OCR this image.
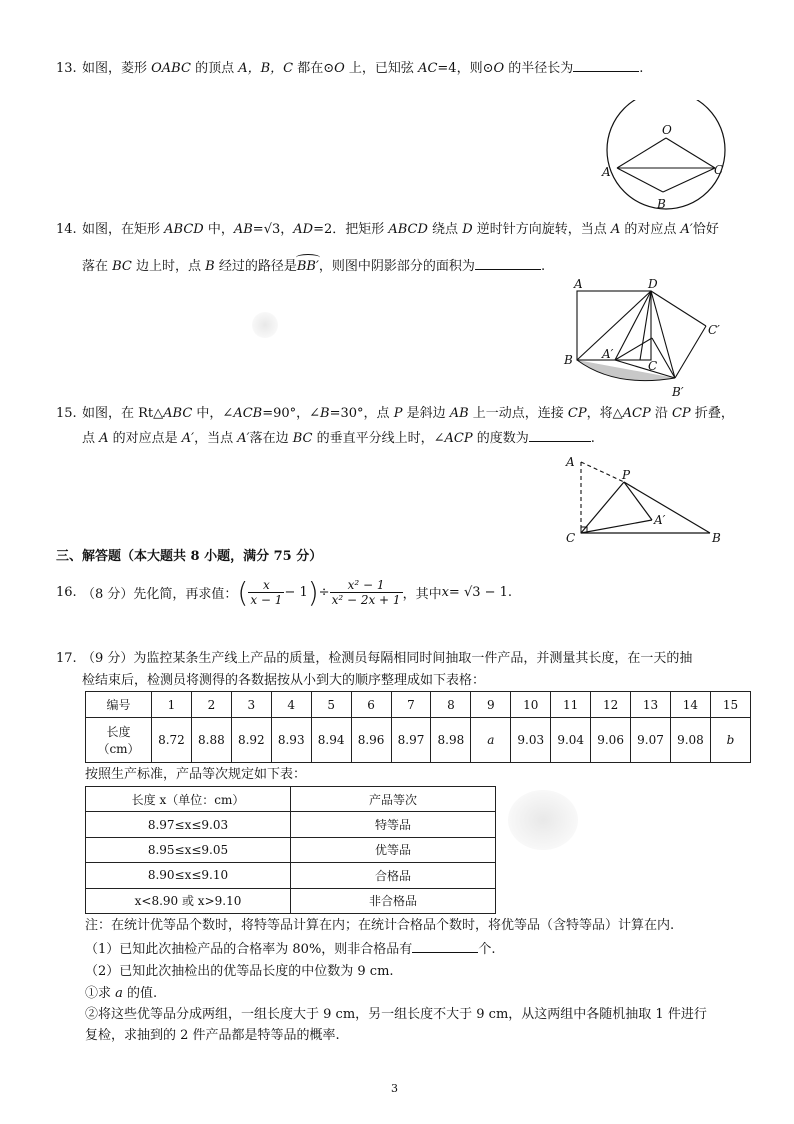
13. 如图，菱形 OABC 的顶点 A，B，C 都在⊙O 上，已知弦 AC=4，则⊙O 的半径长为	.
O
A	C
B
14. 如图，在矩形 ABCD 中，AB=√3，AD=2．把矩形 ABCD 绕点 D 逆时针方向旋转，当点 A 的对应点 A′恰好
落在 BC 边上时，点 B 经过的路径是BB′，则图中阴影部分的面积为	.
A	D
B	C
A′
C′
B′
15. 如图，在 Rt△ABC 中，∠ACB=90°，∠B=30°，点 P 是斜边 AB 上一动点，连接 CP，将△ACP 沿 CP 折叠，
点 A 的对应点是 A′，当点 A′落在边 BC 的垂直平分线上时，∠ACP 的度数为	.
A
P
A′
C	B
三、解答题（本大题共 8 小题，满分 75 分）
16. （8 分）先化简，再求值： ( $\frac{x}{x - 1} - 1$ ) ÷ $\frac{\text{x² − 1}}{\text{x² − 2x + 1}}$ ，其中 x = √3 − 1.
17. （9 分）为监控某条生产线上产品的质量，检测员每隔相同时间抽取一件产品，并测量其长度，在一天的抽
检结束后，检测员将测得的各数据按从小到大的顺序整理成如下表格：
编号	1	2	3	4	5	6	7	8	9	10	11	12	13	14	15
长度
（cm）	8.72	8.88	8.92	8.93	8.94	8.96	8.97	8.98	a	9.03	9.04	9.06	9.07	9.08	b
按照生产标准，产品等次规定如下表：
长度 x（单位：cm）	产品等次
8.97≤x≤9.03	特等品
8.95≤x≤9.05	优等品
8.90≤x≤9.10	合格品
x<8.90 或 x>9.10	非合格品
注：在统计优等品个数时，将特等品计算在内；在统计合格品个数时，将优等品（含特等品）计算在内.
（1）已知此次抽检产品的合格率为 80%，则非合格品有	个.
（2）已知此次抽检出的优等品长度的中位数为 9 cm.
①求 a 的值.
②将这些优等品分成两组，一组长度大于 9 cm，另一组长度不大于 9 cm，从这两组中各随机抽取 1 件进行
复检，求抽到的 2 件产品都是特等品的概率.
3
